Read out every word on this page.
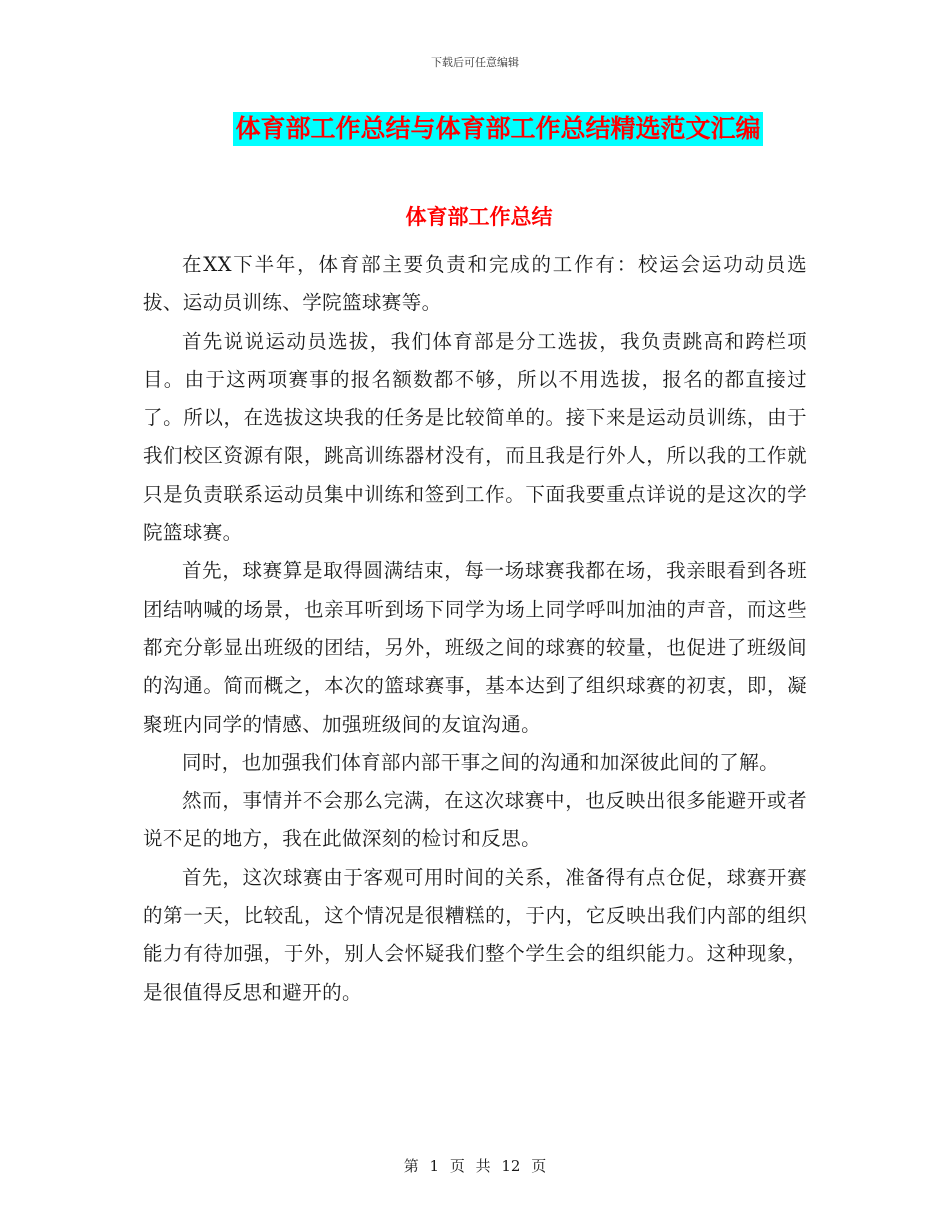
下载后可任意编辑
体育部工作总结与体育部工作总结精选范文汇编
体育部工作总结

在XX下半年，体育部主要负责和完成的工作有：校运会运功动员选拔、运动员训练、学院篮球赛等。

首先说说运动员选拔，我们体育部是分工选拔，我负责跳高和跨栏项目。由于这两项赛事的报名额数都不够，所以不用选拔，报名的都直接过了。所以，在选拔这块我的任务是比较简单的。接下来是运动员训练，由于我们校区资源有限，跳高训练器材没有，而且我是行外人，所以我的工作就只是负责联系运动员集中训练和签到工作。下面我要重点详说的是这次的学院篮球赛。

首先，球赛算是取得圆满结束，每一场球赛我都在场，我亲眼看到各班团结呐喊的场景，也亲耳听到场下同学为场上同学呼叫加油的声音，而这些都充分彰显出班级的团结，另外，班级之间的球赛的较量，也促进了班级间的沟通。简而概之，本次的篮球赛事，基本达到了组织球赛的初衷，即，凝聚班内同学的情感、加强班级间的友谊沟通。

同时，也加强我们体育部内部干事之间的沟通和加深彼此间的了解。

然而，事情并不会那么完满，在这次球赛中，也反映出很多能避开或者说不足的地方，我在此做深刻的检讨和反思。

首先，这次球赛由于客观可用时间的关系，准备得有点仓促，球赛开赛的第一天，比较乱，这个情况是很糟糕的，于内，它反映出我们内部的组织能力有待加强，于外，别人会怀疑我们整个学生会的组织能力。这种现象，是很值得反思和避开的。

第 1 页 共 12 页
